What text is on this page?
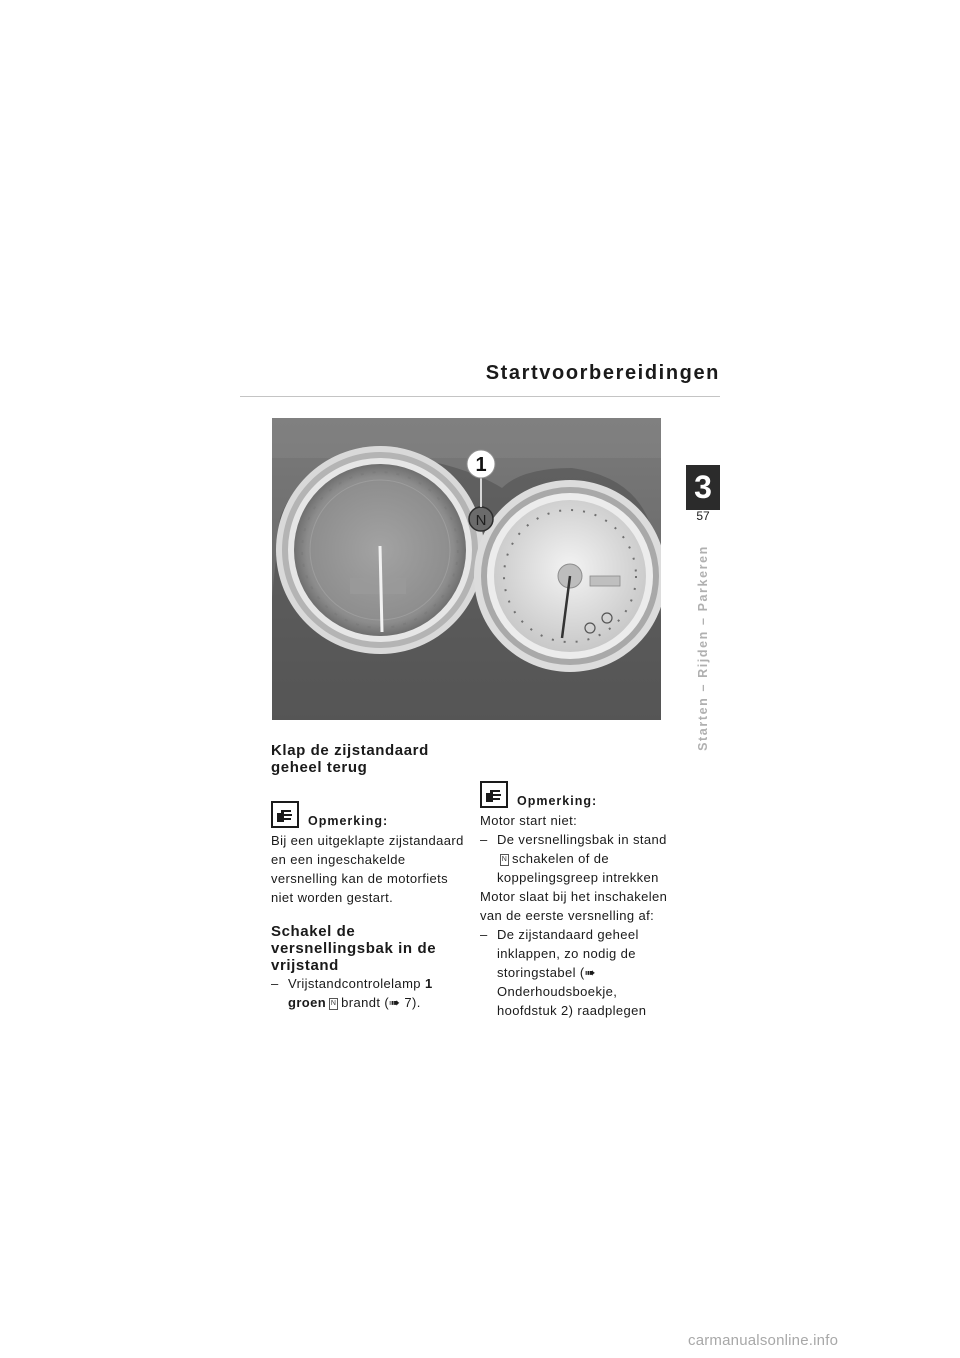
Startvoorbereidingen
3
57
Starten – Rijden – Parkeren
N
1
Klap de zijstandaard geheel terug
Opmerking:
Bij een uitgeklapte zijstandaard en een ingeschakelde versnelling kan de motorfiets niet worden gestart.
Schakel de versnellingsbak in de vrijstand
– Vrijstandcontrolelamp 1 groen N brandt (➠ 7).
Opmerking:
Motor start niet:
– De versnellingsbak in standN schakelen of de koppelingsgreep intrekken
Motor slaat bij het inschakelen van de eerste versnelling af:
– De zijstandaard geheel inklappen, zo nodig de storingstabel (➠ Onderhoudsboekje, hoofdstuk 2) raadplegen
carmanualsonline.info
